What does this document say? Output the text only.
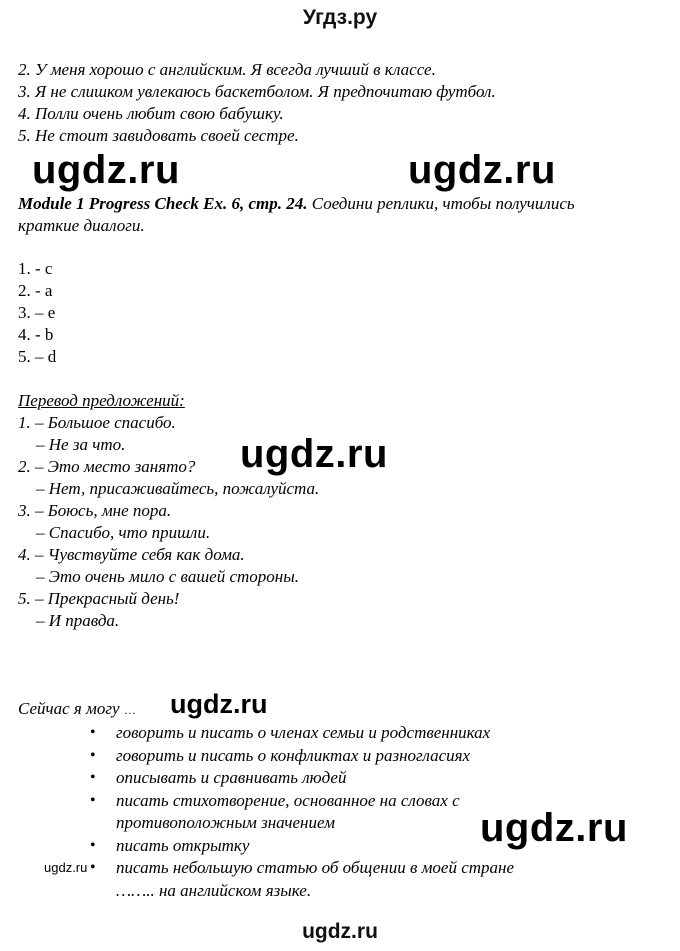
Угдз.ру
2. У меня хорошо с английским. Я всегда лучший в классе.
3. Я не слишком увлекаюсь баскетболом. Я предпочитаю футбол.
4. Полли очень любит свою бабушку.
5. Не стоит завидовать своей сестре.
ugdz.ru	ugdz.ru
Module 1 Progress Check Ex. 6, стр. 24. Соедини реплики, чтобы получились
краткие диалоги.
1. - c
2. - a
3. – e
4. - b
5. – d
Перевод предложений:
1. – Большое спасибо.
– Не за что.
2. – Это место занято?
– Нет, присаживайтесь, пожалуйста.
3. – Боюсь, мне пора.
– Спасибо, что пришли.
4. – Чувствуйте себя как дома.
– Это очень мило с вашей стороны.
5. – Прекрасный день!
– И правда.
ugdz.ru
Сейчас я могу … ugdz.ru
• говорить и писать о членах семьи и родственниках
• говорить и писать о конфликтах и разногласиях
• описывать и сравнивать людей
• писать стихотворение, основанное на словах с
противоположным значением
• писать открытку
• писать небольшую статью об общении в моей стране
…….. на английском языке.
ugdz.ru
ugdz.ru
ugdz.ru
